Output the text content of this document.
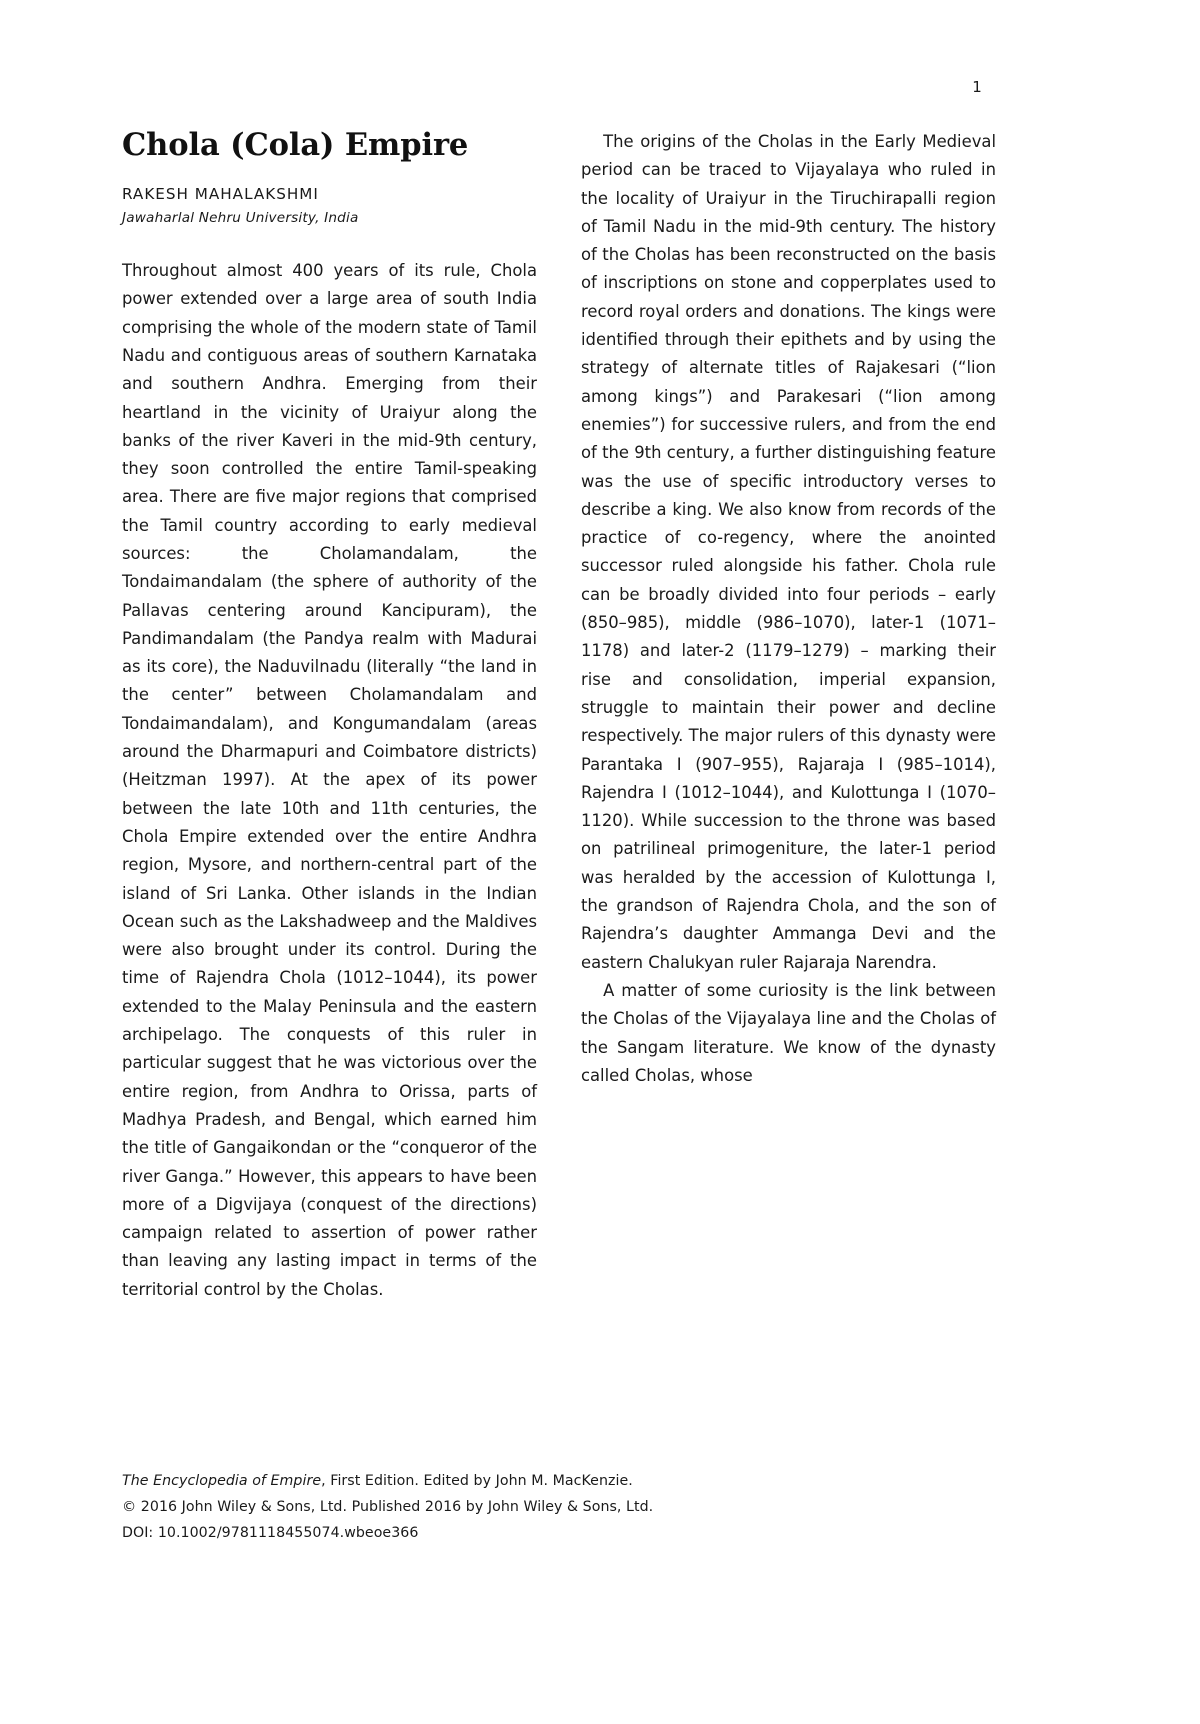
1
Chola (Cola) Empire
RAKESH MAHALAKSHMI
Jawaharlal Nehru University, India

Throughout almost 400 years of its rule, Chola power extended over a large area of south India comprising the whole of the modern state of Tamil Nadu and contiguous areas of southern Karnataka and southern Andhra. Emerging from their heartland in the vicinity of Uraiyur along the banks of the river Kaveri in the mid-9th century, they soon controlled the entire Tamil-speaking area. There are five major regions that comprised the Tamil country according to early medieval sources: the Cholamandalam, the Tondaimandalam (the sphere of authority of the Pallavas centering around Kancipuram), the Pandimandalam (the Pandya realm with Madurai as its core), the Naduvilnadu (literally “the land in the center” between Cholamandalam and Tondaimandalam), and Kongumandalam (areas around the Dharmapuri and Coimbatore districts) (Heitzman 1997). At the apex of its power between the late 10th and 11th centuries, the Chola Empire extended over the entire Andhra region, Mysore, and northern-central part of the island of Sri Lanka. Other islands in the Indian Ocean such as the Lakshadweep and the Maldives were also brought under its control. During the time of Rajendra Chola (1012–1044), its power extended to the Malay Peninsula and the eastern archipelago. The conquests of this ruler in particular suggest that he was victorious over the entire region, from Andhra to Orissa, parts of Madhya Pradesh, and Bengal, which earned him the title of Gangaikondan or the “conqueror of the river Ganga.” However, this appears to have been more of a Digvijaya (conquest of the directions) campaign related to assertion of power rather than leaving any lasting impact in terms of the territorial control by the Cholas.

The origins of the Cholas in the Early Medieval period can be traced to Vijayalaya who ruled in the locality of Uraiyur in the Tiruchirapalli region of Tamil Nadu in the mid-9th century. The history of the Cholas has been reconstructed on the basis of inscriptions on stone and copperplates used to record royal orders and donations. The kings were identified through their epithets and by using the strategy of alternate titles of Rajakesari (“lion among kings”) and Parakesari (“lion among enemies”) for successive rulers, and from the end of the 9th century, a further distinguishing feature was the use of specific introductory verses to describe a king. We also know from records of the practice of co-regency, where the anointed successor ruled alongside his father. Chola rule can be broadly divided into four periods – early (850–985), middle (986–1070), later-1 (1071–1178) and later-2 (1179–1279) – marking their rise and consolidation, imperial expansion, struggle to maintain their power and decline respectively. The major rulers of this dynasty were Parantaka I (907–955), Rajaraja I (985–1014), Rajendra I (1012–1044), and Kulottunga I (1070–1120). While succession to the throne was based on patrilineal primogeniture, the later-1 period was heralded by the accession of Kulottunga I, the grandson of Rajendra Chola, and the son of Rajendra’s daughter Ammanga Devi and the eastern Chalukyan ruler Rajaraja Narendra.

A matter of some curiosity is the link between the Cholas of the Vijayalaya line and the Cholas of the Sangam literature. We know of the dynasty called Cholas, whose

The Encyclopedia of Empire, First Edition. Edited by John M. MacKenzie.
© 2016 John Wiley & Sons, Ltd. Published 2016 by John Wiley & Sons, Ltd.
DOI: 10.1002/9781118455074.wbeoe366
